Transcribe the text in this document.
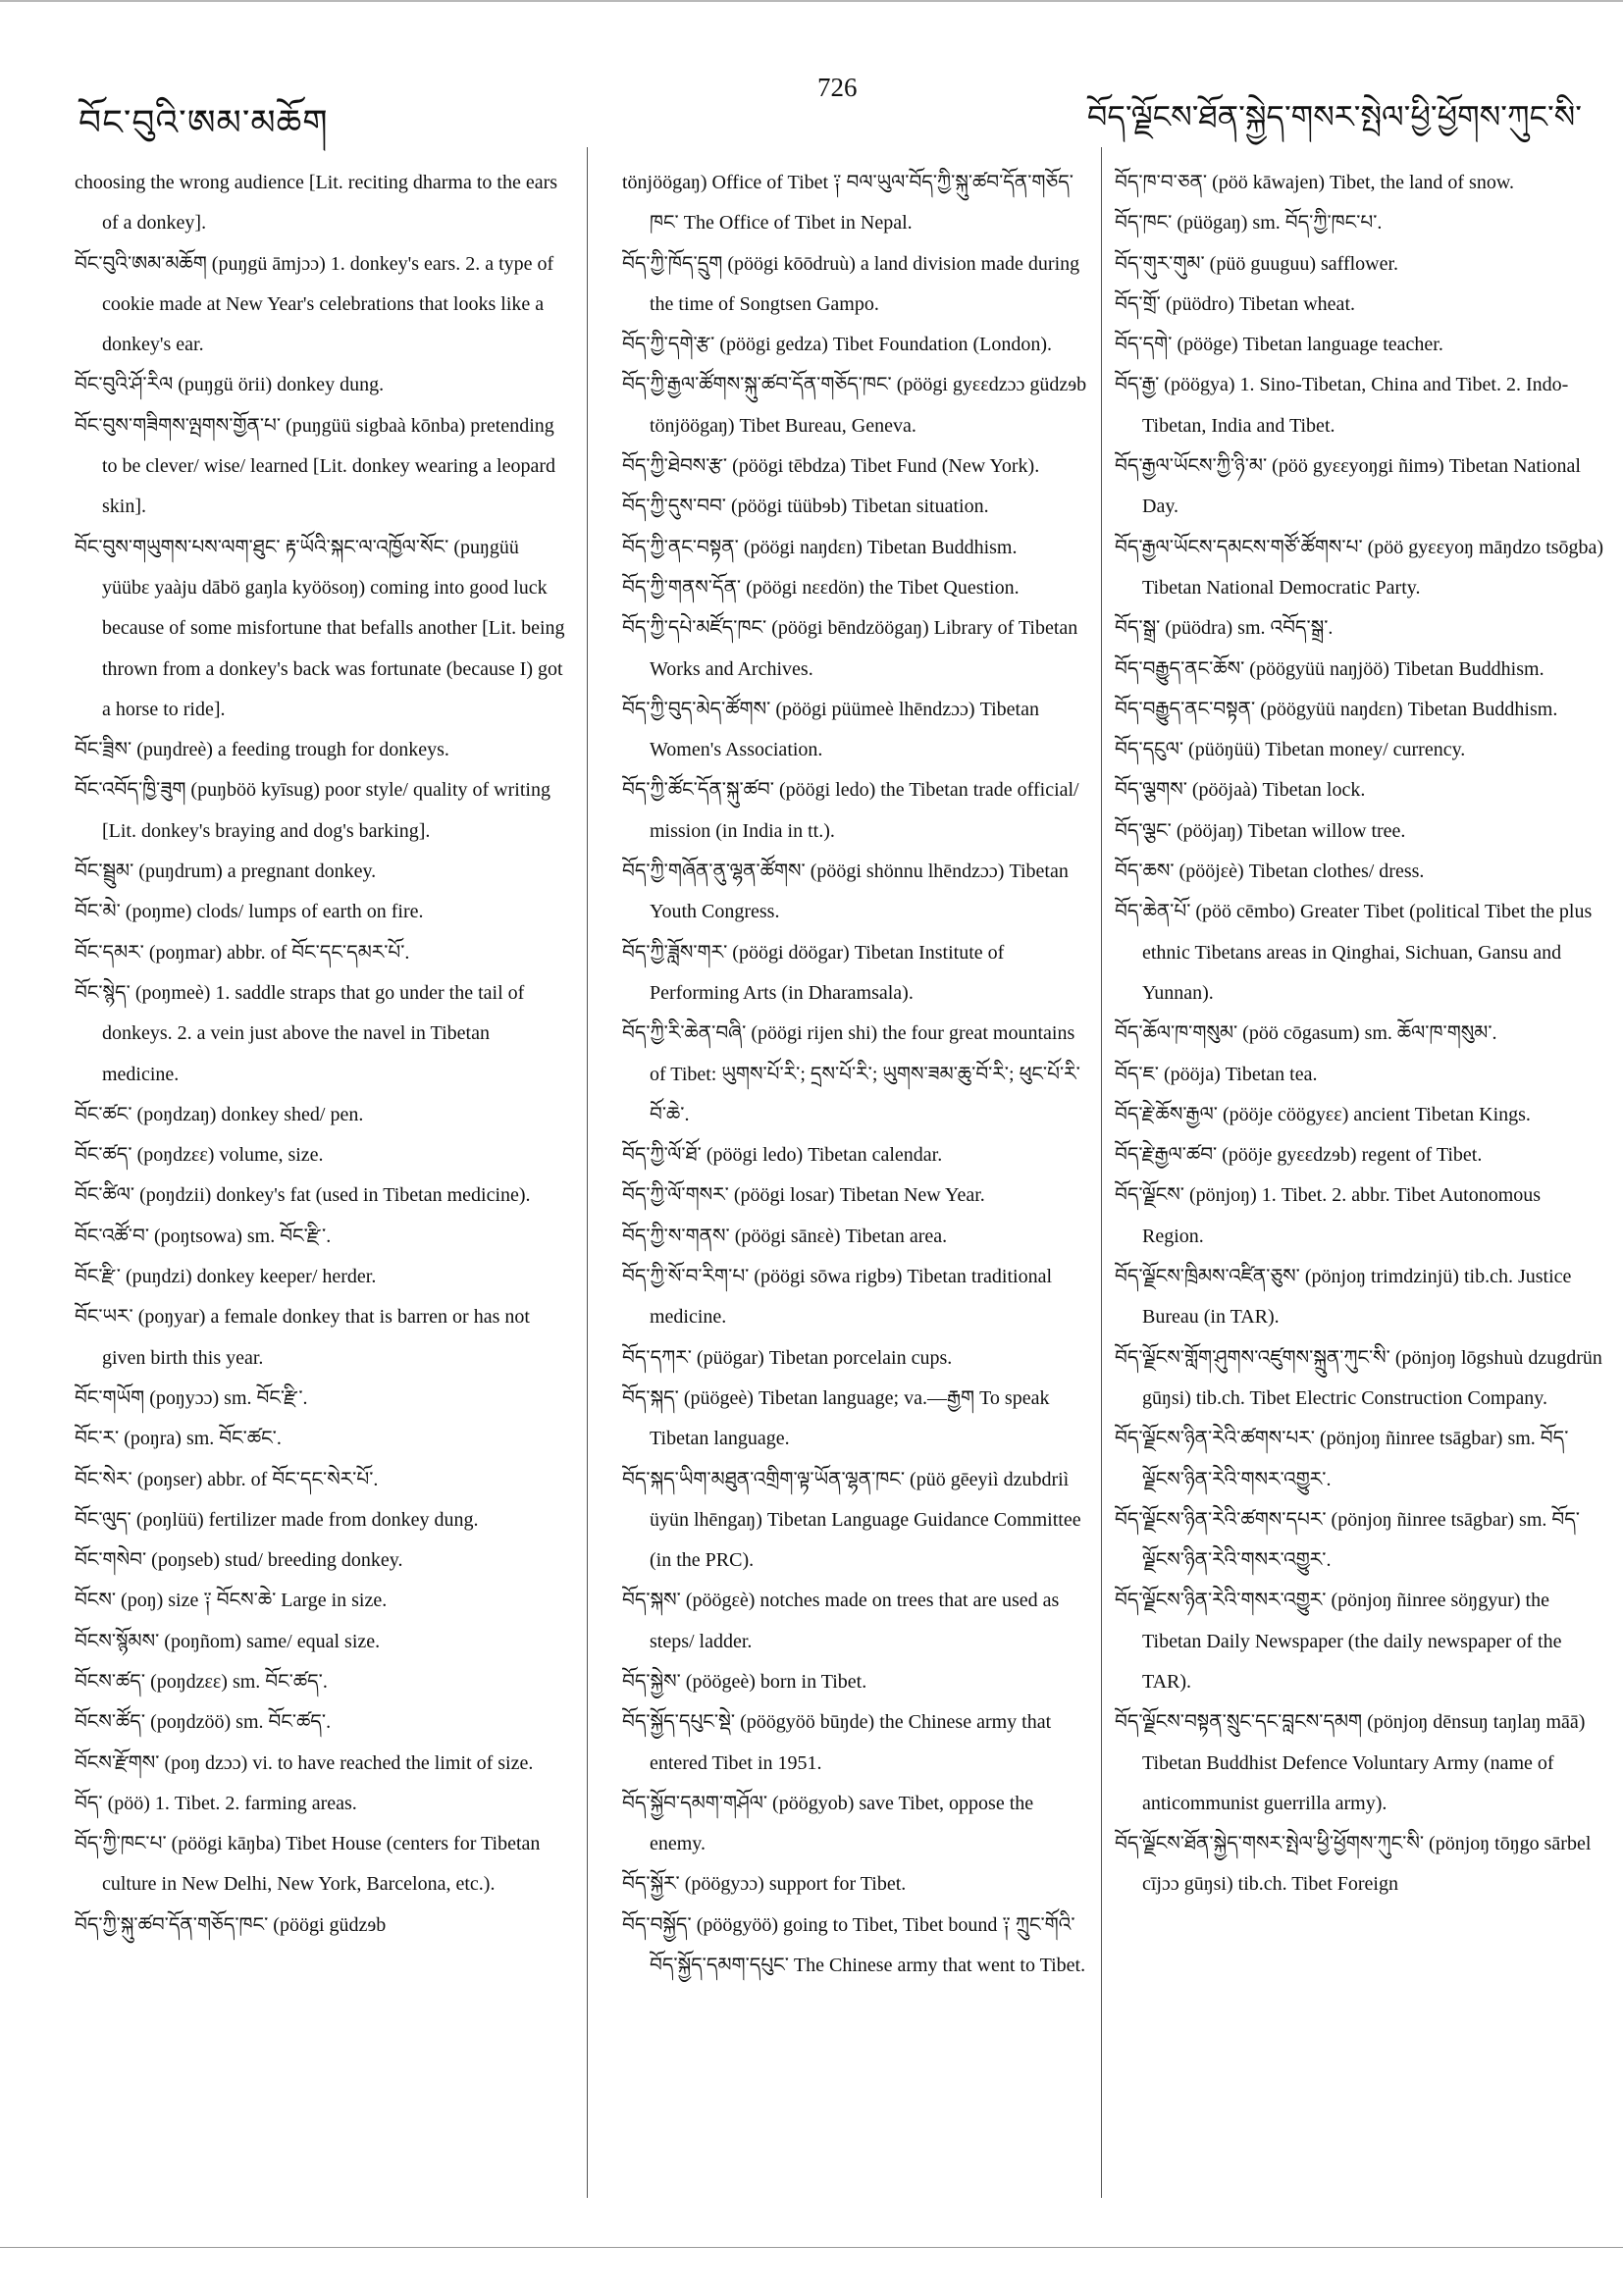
བོང་བུའི་ཨམ་མཆོག
726
བོད་ལྗོངས་ཐོན་སྐྱེད་གསར་སྤེལ་ཕྱི་ཕྱོགས་ཀུང་སི་

choosing the wrong audience [Lit. reciting dharma to the ears of a donkey].

བོང་བུའི་ཨམ་མཆོག (puŋgü āmjɔɔ) 1. donkey's ears. 2. a type of cookie made at New Year's celebrations that looks like a donkey's ear.

བོང་བུའི་ཤོ་རིལ (puŋgü örii) donkey dung.

བོང་བུས་གཟིགས་ལྤགས་གྱོན་པ་ (puŋgüü sigbaà kōnba) pretending to be clever/ wise/ learned [Lit. donkey wearing a leopard skin].

བོང་བུས་གཡུགས་པས་ལག་ཐུང་ རྟ་ཡོའི་སྐང་ལ་འཁྱོལ་སོང་ (puŋgüü yüübɛ yaàju dābö gaŋla kyöösoŋ) coming into good luck because of some misfortune that befalls another [Lit. being thrown from a donkey's back was fortunate (because I) got a horse to ride].

བོང་ཟྲིས་ (puŋdreè) a feeding trough for donkeys.

བོང་འབོད་ཁྱི་ཟུག (puŋböö kyīsug) poor style/ quality of writing [Lit. donkey's braying and dog's barking].

བོང་སྦྲུམ་ (puŋdrum) a pregnant donkey.

བོང་མེ་ (poŋme) clods/ lumps of earth on fire.

བོང་དམར་ (poŋmar) abbr. of བོང་དང་དམར་པོ་.

བོང་སྙེད་ (poŋmeè) 1. saddle straps that go under the tail of donkeys. 2. a vein just above the navel in Tibetan medicine.

བོང་ཚང་ (poŋdzaŋ) donkey shed/ pen.

བོང་ཚད་ (poŋdzɛɛ) volume, size.

བོང་ཚིལ་ (poŋdzii) donkey's fat (used in Tibetan medicine).

བོང་འཚོ་བ་ (poŋtsowa) sm. བོང་རྫི་.

བོང་རྫི་ (puŋdzi) donkey keeper/ herder.

བོང་ཡར་ (poŋyar) a female donkey that is barren or has not given birth this year.

བོང་གཡོག (poŋyɔɔ) sm. བོང་རྫི་.

བོང་ར་ (poŋra) sm. བོང་ཚང་.

བོང་སེར་ (poŋser) abbr. of བོང་དང་སེར་པོ་.

བོང་ལུད་ (poŋlüü) fertilizer made from donkey dung.

བོང་གསེབ་ (poŋseb) stud/ breeding donkey.

བོངས་ (poŋ) size ༑ བོངས་ཆེ་ Large in size.

བོངས་སྙོམས་ (poŋñom) same/ equal size.

བོངས་ཚད་ (poŋdzɛɛ) sm. བོང་ཚད་.

བོངས་ཚོད་ (poŋdzöö) sm. བོང་ཚད་.

བོངས་རྫོགས་ (poŋ dzɔɔ) vi. to have reached the limit of size.

བོད་ (pöö) 1. Tibet. 2. farming areas.

བོད་ཀྱི་ཁང་པ་ (pöögi kāŋba) Tibet House (centers for Tibetan culture in New Delhi, New York, Barcelona, etc.).

བོད་ཀྱི་སྐུ་ཚབ་དོན་གཅོད་ཁང་ (pöögi güdzɘb

tönjöögaŋ) Office of Tibet ༑ བལ་ཡུལ་བོད་ཀྱི་སྐུ་ཚབ་དོན་གཅོད་ཁང་ The Office of Tibet in Nepal.

བོད་ཀྱི་ཁོད་དྲུག (pöögi kōōdruù) a land division made during the time of Songtsen Gampo.

བོད་ཀྱི་དགེ་རྩ་ (pöögi gedza) Tibet Foundation (London).

བོད་ཀྱི་རྒྱལ་ཚོགས་སྐུ་ཚབ་དོན་གཅོད་ཁང་ (pöögi gyɛɛdzɔɔ güdzɘb tönjöögaŋ) Tibet Bureau, Geneva.

བོད་ཀྱི་ཐེབས་རྩ་ (pöögi tēbdza) Tibet Fund (New York).

བོད་ཀྱི་དུས་བབ་ (pöögi tüübɘb) Tibetan situation.

བོད་ཀྱི་ནང་བསྟན་ (pöögi naŋdɛn) Tibetan Buddhism.

བོད་ཀྱི་གནས་དོན་ (pöögi nɛɛdön) the Tibet Question.

བོད་ཀྱི་དཔེ་མཛོད་ཁང་ (pöögi bēndzöögaŋ) Library of Tibetan Works and Archives.

བོད་ཀྱི་བུད་མེད་ཚོགས་ (pöögi püümeè lhēndzɔɔ) Tibetan Women's Association.

བོད་ཀྱི་ཚོང་དོན་སྐུ་ཚབ་ (pöögi ledo) the Tibetan trade official/ mission (in India in tt.).

བོད་ཀྱི་གཞོན་ནུ་ལྷན་ཚོགས་ (pöögi shönnu lhēndzɔɔ) Tibetan Youth Congress.

བོད་ཀྱི་ཟློས་གར་ (pöögi döögar) Tibetan Institute of Performing Arts (in Dharamsala).

བོད་ཀྱི་རི་ཆེན་བཞི་ (pöögi rijen shi) the four great mountains of Tibet: ཡུགས་པོ་རི་; དྲས་པོ་རི་; ཡུགས་ཟམ་ཆུ་བོ་རི་; ཕུང་པོ་རི་བོ་ཆེ་.

བོད་ཀྱི་ལོ་ཐོ་ (pöögi ledo) Tibetan calendar.

བོད་ཀྱི་ལོ་གསར་ (pöögi losar) Tibetan New Year.

བོད་ཀྱི་ས་གནས་ (pöögi sānɛè) Tibetan area.

བོད་ཀྱི་སོ་བ་རིག་པ་ (pöögi sōwa rigbɘ) Tibetan traditional medicine.

བོད་དཀར་ (püögar) Tibetan porcelain cups.

བོད་སྐད་ (püögeè) Tibetan language; va.—རྒྱག To speak Tibetan language.

བོད་སྐད་ཡིག་མཐུན་འགྲིག་ལྟ་ཡོན་ལྷན་ཁང་ (püö gēeyiì dzubdriì üyün lhēngaŋ) Tibetan Language Guidance Committee (in the PRC).

བོད་སྐས་ (pöögɛè) notches made on trees that are used as steps/ ladder.

བོད་སྐྱེས་ (pöögeè) born in Tibet.

བོད་སྐྱོད་དཔུང་སྡེ་ (pöögyöö būŋde) the Chinese army that entered Tibet in 1951.

བོད་སྐྱོབ་དམག་གཤོལ་ (pöögyob) save Tibet, oppose the enemy.

བོད་སྐྱོར་ (pöögyɔɔ) support for Tibet.

བོད་བསྐྱོད་ (pöögyöö) going to Tibet, Tibet bound ༑ ཀྲུང་གོའི་བོད་སྐྱོད་དམག་དཔུང་ The Chinese army that went to Tibet.

བོད་ཁ་བ་ཅན་ (pöö kāwajen) Tibet, the land of snow.

བོད་ཁང་ (püögaŋ) sm. བོད་ཀྱི་ཁང་པ་.

བོད་གུར་གུམ་ (püö guuguu) safflower.

བོད་གྲོ་ (püödro) Tibetan wheat.

བོད་དགེ་ (pööge) Tibetan language teacher.

བོད་རྒྱ་ (pöögya) 1. Sino-Tibetan, China and Tibet. 2. Indo-Tibetan, India and Tibet.

བོད་རྒྱལ་ཡོངས་ཀྱི་ཉི་མ་ (pöö gyɛɛyoŋgi ñimɘ) Tibetan National Day.

བོད་རྒྱལ་ཡོངས་དམངས་གཙོ་ཚོགས་པ་ (pöö gyɛɛyoŋ māŋdzo tsōgba) Tibetan National Democratic Party.

བོད་སྒྲ་ (püödra) sm. འབོད་སྒྲ་.

བོད་བརྒྱུད་ནང་ཆོས་ (pöögyüü naŋjöö) Tibetan Buddhism.

བོད་བརྒྱུད་ནང་བསྟན་ (pöögyüü naŋdɛn) Tibetan Buddhism.

བོད་དངུལ་ (püöŋüü) Tibetan money/ currency.

བོད་ལྕགས་ (pööjaà) Tibetan lock.

བོད་ལྕང་ (pööjaŋ) Tibetan willow tree.

བོད་ཆས་ (pööjɛè) Tibetan clothes/ dress.

བོད་ཆེན་པོ་ (pöö cēmbo) Greater Tibet (political Tibet the plus ethnic Tibetans areas in Qinghai, Sichuan, Gansu and Yunnan).

བོད་ཆོལ་ཁ་གསུམ་ (pöö cōgasum) sm. ཆོལ་ཁ་གསུམ་.

བོད་ཇ་ (pööja) Tibetan tea.

བོད་རྗེ་ཆོས་རྒྱལ་ (pööje cöögyɛɛ) ancient Tibetan Kings.

བོད་རྗེ་རྒྱལ་ཚབ་ (pööje gyɛɛdzɘb) regent of Tibet.

བོད་ལྗོངས་ (pönjoŋ) 1. Tibet. 2. abbr. Tibet Autonomous Region.

བོད་ལྗོངས་ཁྲིམས་འཛིན་ཅུས་ (pönjoŋ trimdzinjü) tib.ch. Justice Bureau (in TAR).

བོད་ལྗོངས་གློག་ཤུགས་འཛུགས་སྐྲུན་ཀུང་སི་ (pönjoŋ lōgshuù dzugdrün gūŋsi) tib.ch. Tibet Electric Construction Company.

བོད་ལྗོངས་ཉིན་རེའི་ཚགས་པར་ (pönjoŋ ñinree tsāgbar) sm. བོད་ལྗོངས་ཉིན་རེའི་གསར་འགྱུར་.

བོད་ལྗོངས་ཉིན་རེའི་ཚགས་དཔར་ (pönjoŋ ñinree tsāgbar) sm. བོད་ལྗོངས་ཉིན་རེའི་གསར་འགྱུར་.

བོད་ལྗོངས་ཉིན་རེའི་གསར་འགྱུར་ (pönjoŋ ñinree söŋgyur) the Tibetan Daily Newspaper (the daily newspaper of the TAR).

བོད་ལྗོངས་བསྟན་སྲུང་དང་བླངས་དམག (pönjoŋ dēnsuŋ taŋlaŋ māā) Tibetan Buddhist Defence Voluntary Army (name of anticommunist guerrilla army).

བོད་ལྗོངས་ཐོན་སྐྱེད་གསར་སྤེལ་ཕྱི་ཕྱོགས་ཀུང་སི་ (pönjoŋ tōŋgo sārbel cījɔɔ gūŋsi) tib.ch. Tibet Foreign
